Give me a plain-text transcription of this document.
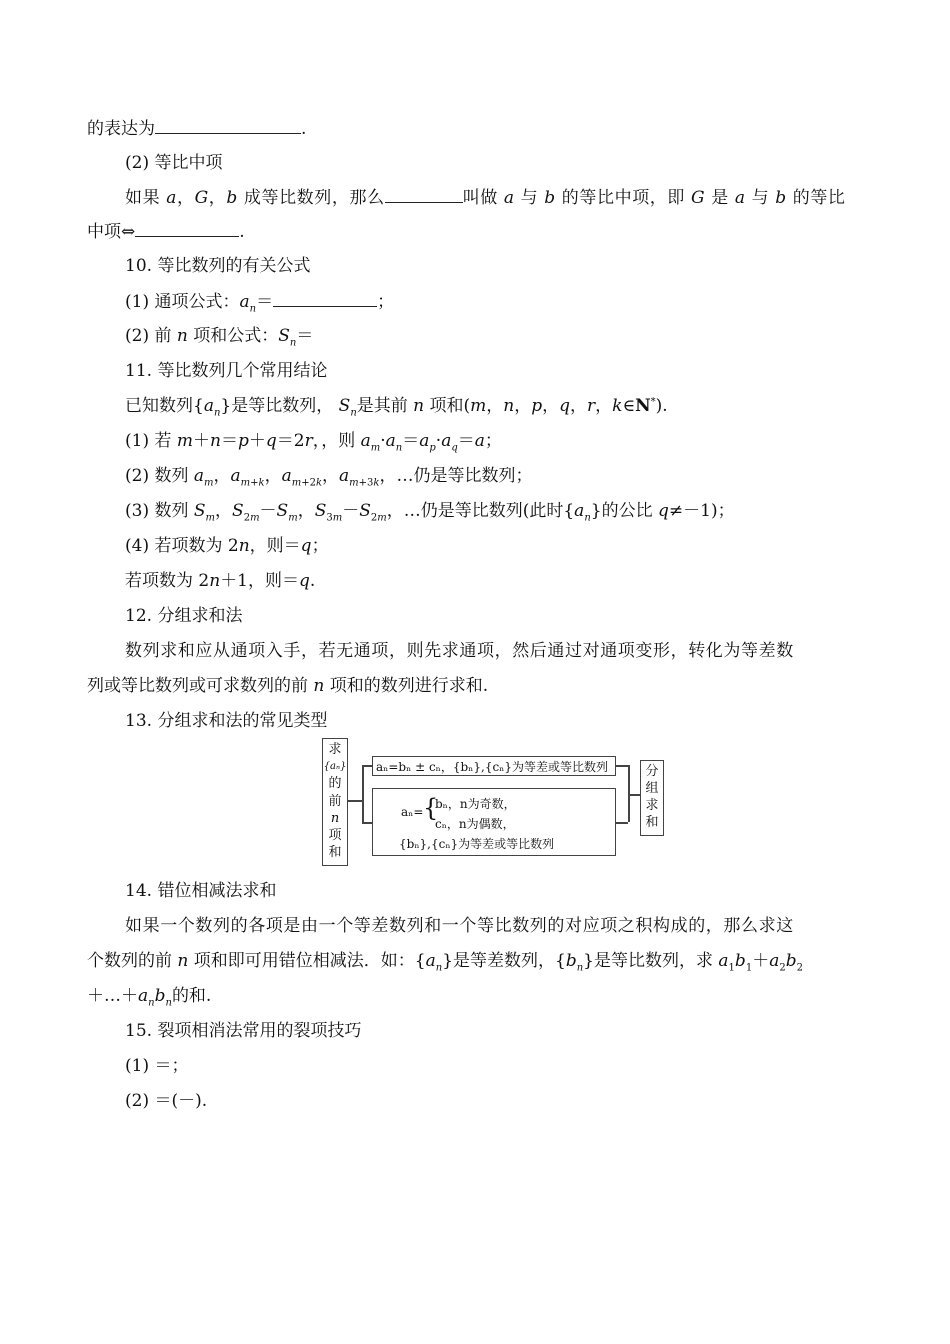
的表达为	.
(2) 等比中项
如果 a，G，b 成等比数列，那么	叫做 a 与 b 的等比中项，即 G 是 a 与 b 的等比
中项⇔	.
10. 等比数列的有关公式
(1) 通项公式：$a_n=$	；
(2) 前 n 项和公式：$S_n=$
11. 等比数列几个常用结论
已知数列$\{a_n\}$是等比数列， $S_n$是其前 n 项和(m，n，p，q，r，k∈N*).
(1) 若 m＋n＝p＋q＝2r，，则 $a_m\cdot a_n=a_p\cdot a_q=a$；
(2) 数列 $a_m$，$a_{m+k}$，$a_{m+2k}$，$a_{m+3k}$，…仍是等比数列；
(3) 数列 $S_m$，$S_{2m}-S_m$，$S_{3m}-S_{2m}$，…仍是等比数列(此时$\{a_n\}$的公比 q≠－1)；
(4) 若项数为 2n，则＝q；
若项数为 2n＋1，则＝q.
12. 分组求和法
数列求和应从通项入手，若无通项，则先求通项，然后通过对通项变形，转化为等差数
列或等比数列或可求数列的前 n 项和的数列进行求和.
13. 分组求和法的常见类型
求
{aₙ}
的
前
n
项
和
aₙ=bₙ ± cₙ，{bₙ},{cₙ}为等差或等比数列
aₙ= {
bₙ，n为奇数，
cₙ，n为偶数，
{bₙ},{cₙ}为等差或等比数列
分
组
求
和
14. 错位相减法求和
如果一个数列的各项是由一个等差数列和一个等比数列的对应项之积构成的，那么求这
个数列的前 n 项和即可用错位相减法．如：$\{a_n\}$是等差数列，$\{b_n\}$是等比数列，求 $a_1b_1+a_2b_2$
$+\dots+a_nb_n$的和.
15. 裂项相消法常用的裂项技巧
(1) ＝；
(2) ＝(－).
